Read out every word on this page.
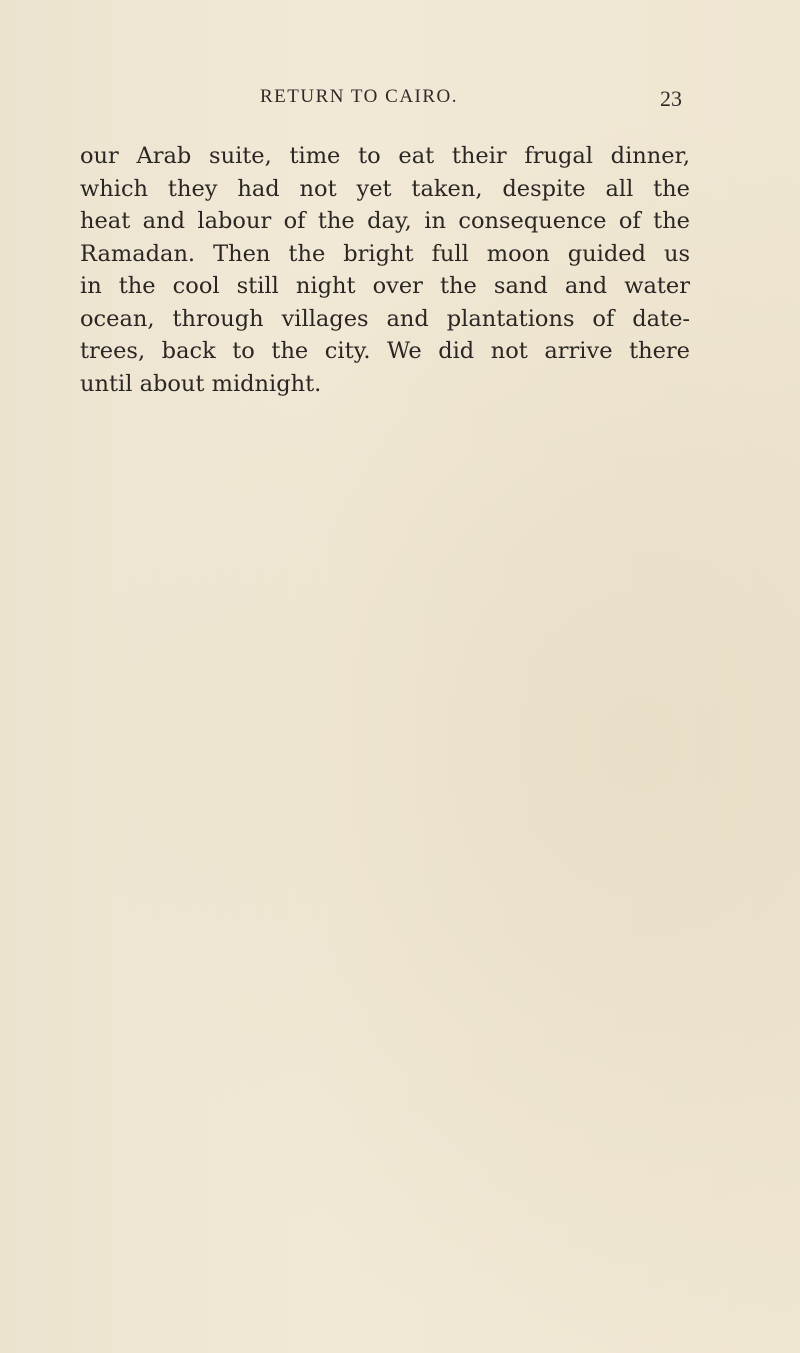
RETURN TO CAIRO.	23

our Arab suite, time to eat their frugal dinner,
which they had not yet taken, despite all the
heat and labour of the day, in consequence of the
Ramadan. Then the bright full moon guided us
in the cool still night over the sand and water
ocean, through villages and plantations of date-
trees, back to the city. We did not arrive there
until about midnight.
